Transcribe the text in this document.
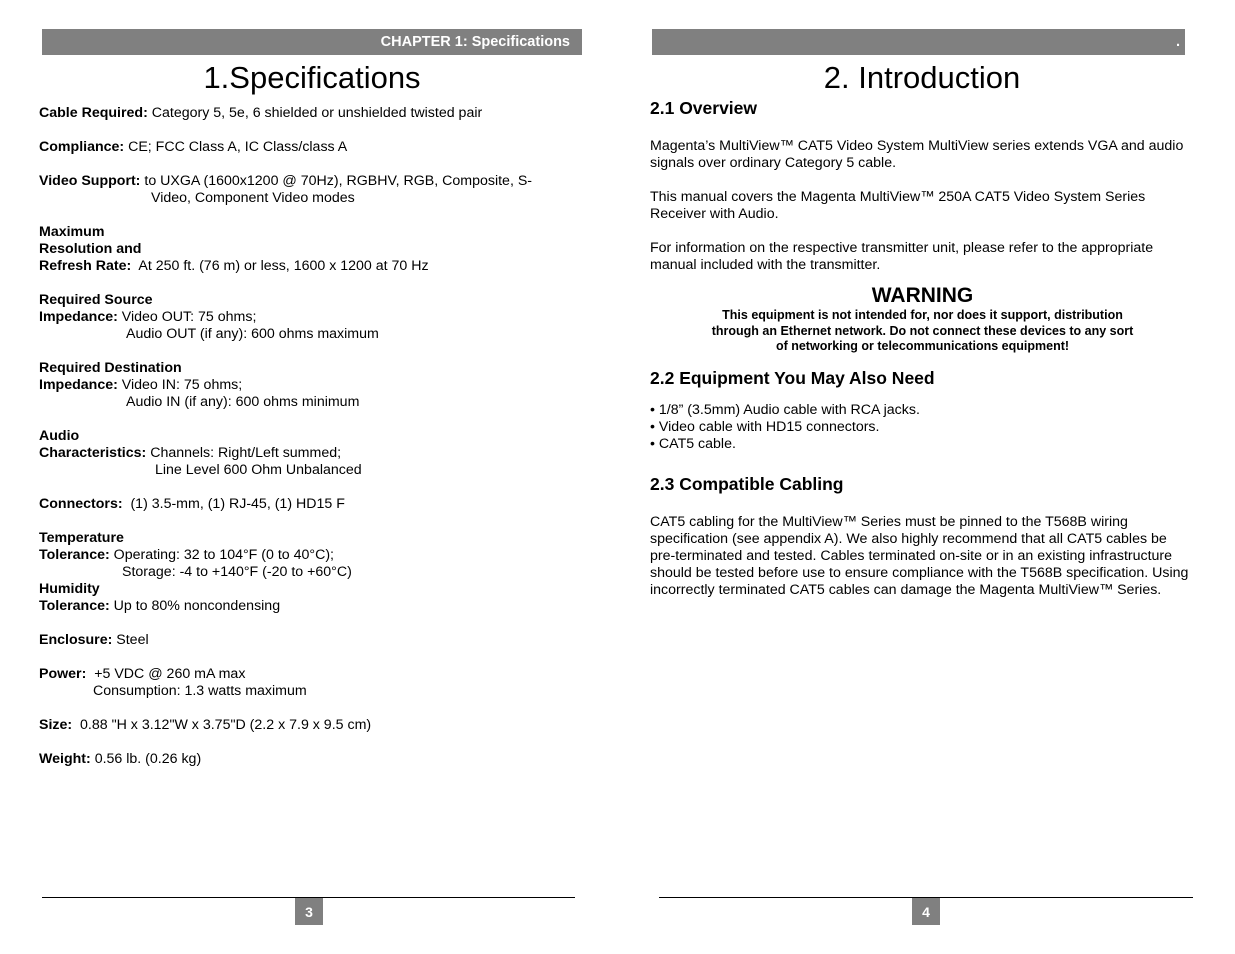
CHAPTER 1: Specifications
1.Specifications

Cable Required: Category 5, 5e, 6 shielded or unshielded twisted pair

Compliance: CE; FCC Class A, IC Class/class A

Video Support: to UXGA (1600x1200 @ 70Hz), RGBHV, RGB, Composite, S-
Video, Component Video modes

Maximum
Resolution and
Refresh Rate: At 250 ft. (76 m) or less, 1600 x 1200 at 70 Hz

Required Source
Impedance: Video OUT: 75 ohms;
Audio OUT (if any): 600 ohms maximum

Required Destination
Impedance: Video IN: 75 ohms;
Audio IN (if any): 600 ohms minimum

Audio
Characteristics: Channels: Right/Left summed;
Line Level 600 Ohm Unbalanced

Connectors: (1) 3.5-mm, (1) RJ-45, (1) HD15 F

Temperature
Tolerance: Operating: 32 to 104°F (0 to 40°C);
Storage: -4 to +140°F (-20 to +60°C)

Humidity
Tolerance: Up to 80% noncondensing

Enclosure: Steel

Power: +5 VDC @ 260 mA max
Consumption: 1.3 watts maximum

Size: 0.88 "H x 3.12"W x 3.75"D (2.2 x 7.9 x 9.5 cm)

Weight: 0.56 lb. (0.26 kg)

3
.
2. Introduction
2.1 Overview

Magenta’s MultiView™ CAT5 Video System MultiView series extends VGA and audio signals over ordinary Category 5 cable.

This manual covers the Magenta MultiView™ 250A CAT5 Video System Series Receiver with Audio.

For information on the respective transmitter unit, please refer to the appropriate manual included with the transmitter.

WARNING
This equipment is not intended for, nor does it support, distribution
through an Ethernet network. Do not connect these devices to any sort
of networking or telecommunications equipment!
2.2 Equipment You May Also Need
• 1/8” (3.5mm) Audio cable with RCA jacks.
• Video cable with HD15 connectors.
• CAT5 cable.
2.3 Compatible Cabling

CAT5 cabling for the MultiView™ Series must be pinned to the T568B wiring specification (see appendix A). We also highly recommend that all CAT5 cables be pre-terminated and tested. Cables terminated on-site or in an existing infrastructure should be tested before use to ensure compliance with the T568B specification. Using incorrectly terminated CAT5 cables can damage the Magenta MultiView™ Series.

4
